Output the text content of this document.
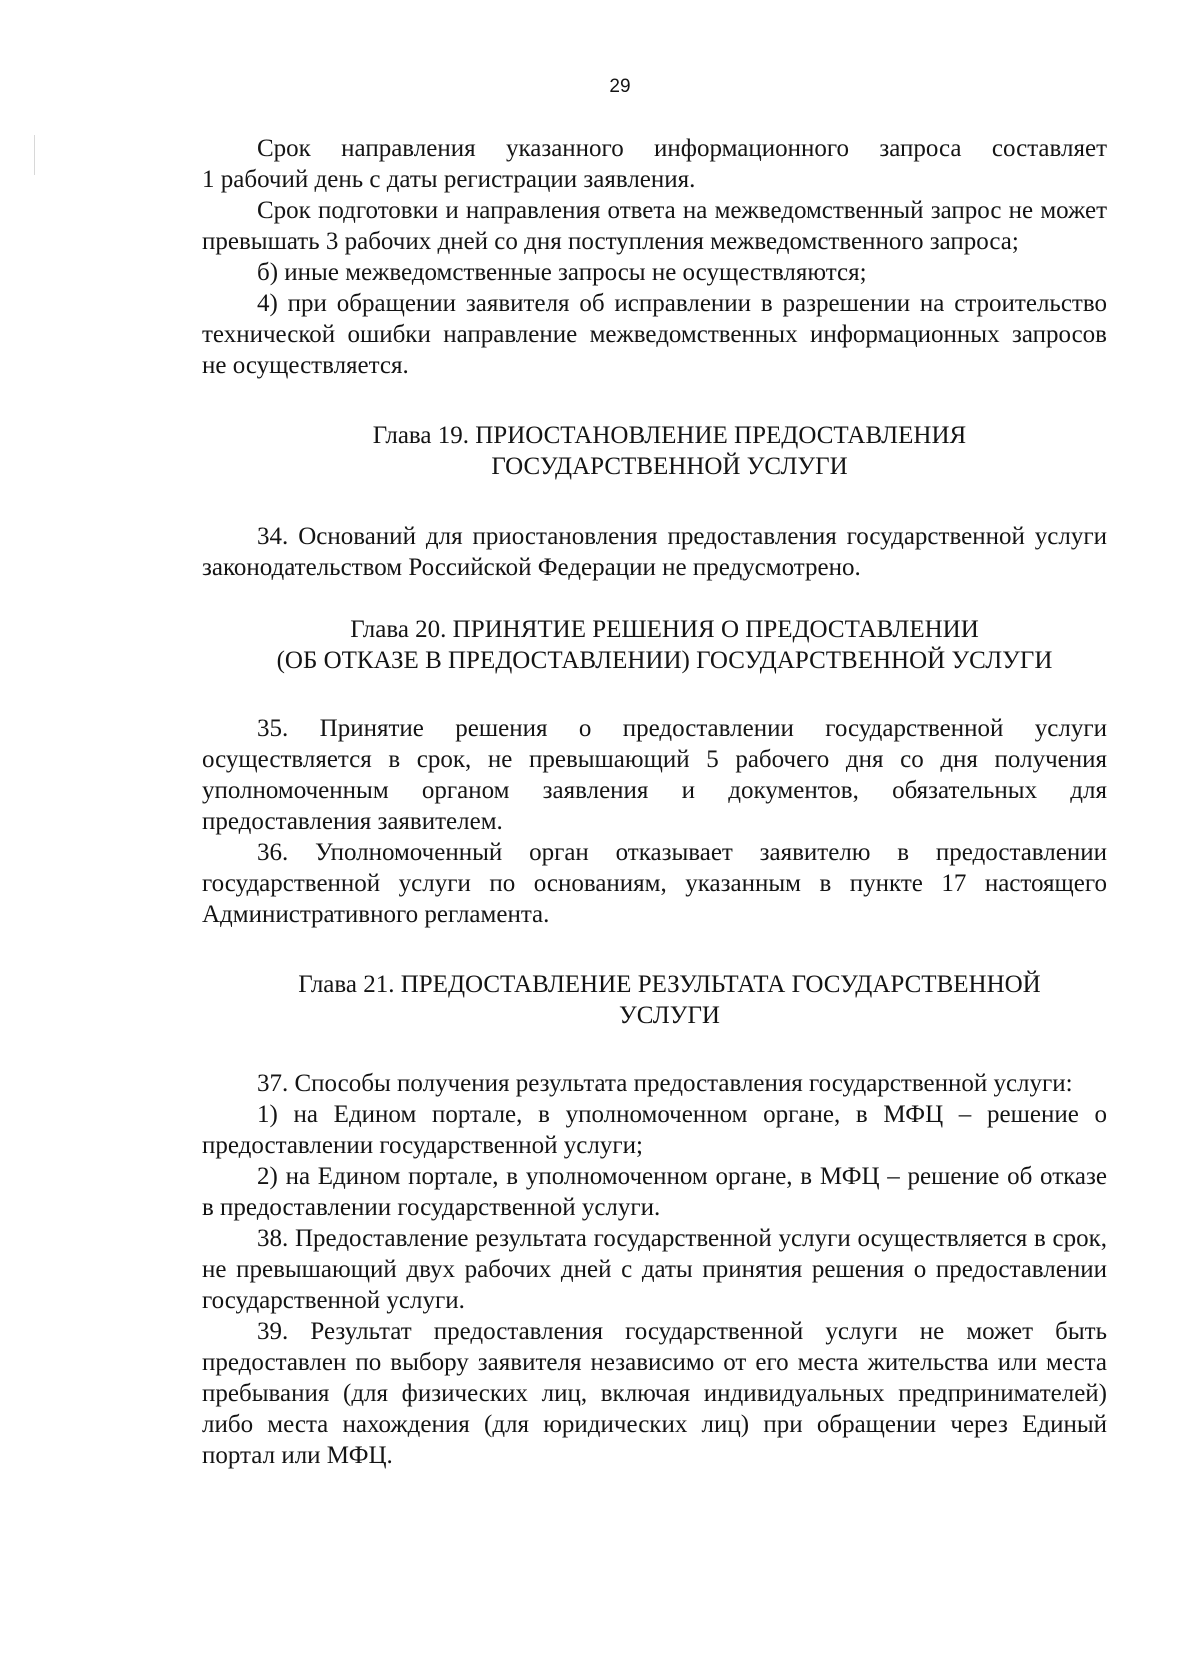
29

Срок направления указанного информационного запроса составляет

1 рабочий день с даты регистрации заявления.

Срок подготовки и направления ответа на межведомственный запрос не может превышать 3 рабочих дней со дня поступления межведомственного запроса;

б) иные межведомственные запросы не осуществляются;

4) при обращении заявителя об исправлении в разрешении на строительство технической ошибки направление межведомственных информационных запросов не осуществляется.

Глава 19. ПРИОСТАНОВЛЕНИЕ ПРЕДОСТАВЛЕНИЯ
ГОСУДАРСТВЕННОЙ УСЛУГИ

34. Оснований для приостановления предоставления государственной услуги законодательством Российской Федерации не предусмотрено.

Глава 20. ПРИНЯТИЕ РЕШЕНИЯ О ПРЕДОСТАВЛЕНИИ
(ОБ ОТКАЗЕ В ПРЕДОСТАВЛЕНИИ) ГОСУДАРСТВЕННОЙ УСЛУГИ

35. Принятие решения о предоставлении государственной услуги осуществляется в срок, не превышающий 5 рабочего дня со дня получения уполномоченным органом заявления и документов, обязательных для предоставления заявителем.

36. Уполномоченный орган отказывает заявителю в предоставлении государственной услуги по основаниям, указанным в пункте 17 настоящего Административного регламента.

Глава 21. ПРЕДОСТАВЛЕНИЕ РЕЗУЛЬТАТА ГОСУДАРСТВЕННОЙ
УСЛУГИ

37. Способы получения результата предоставления государственной услуги:

1) на Едином портале, в уполномоченном органе, в МФЦ – решение о предоставлении государственной услуги;

2) на Едином портале, в уполномоченном органе, в МФЦ – решение об отказе в предоставлении государственной услуги.

38. Предоставление результата государственной услуги осуществляется в срок, не превышающий двух рабочих дней с даты принятия решения о предоставлении государственной услуги.

39. Результат предоставления государственной услуги не может быть предоставлен по выбору заявителя независимо от его места жительства или места пребывания (для физических лиц, включая индивидуальных предпринимателей) либо места нахождения (для юридических лиц) при обращении через Единый портал или МФЦ.
